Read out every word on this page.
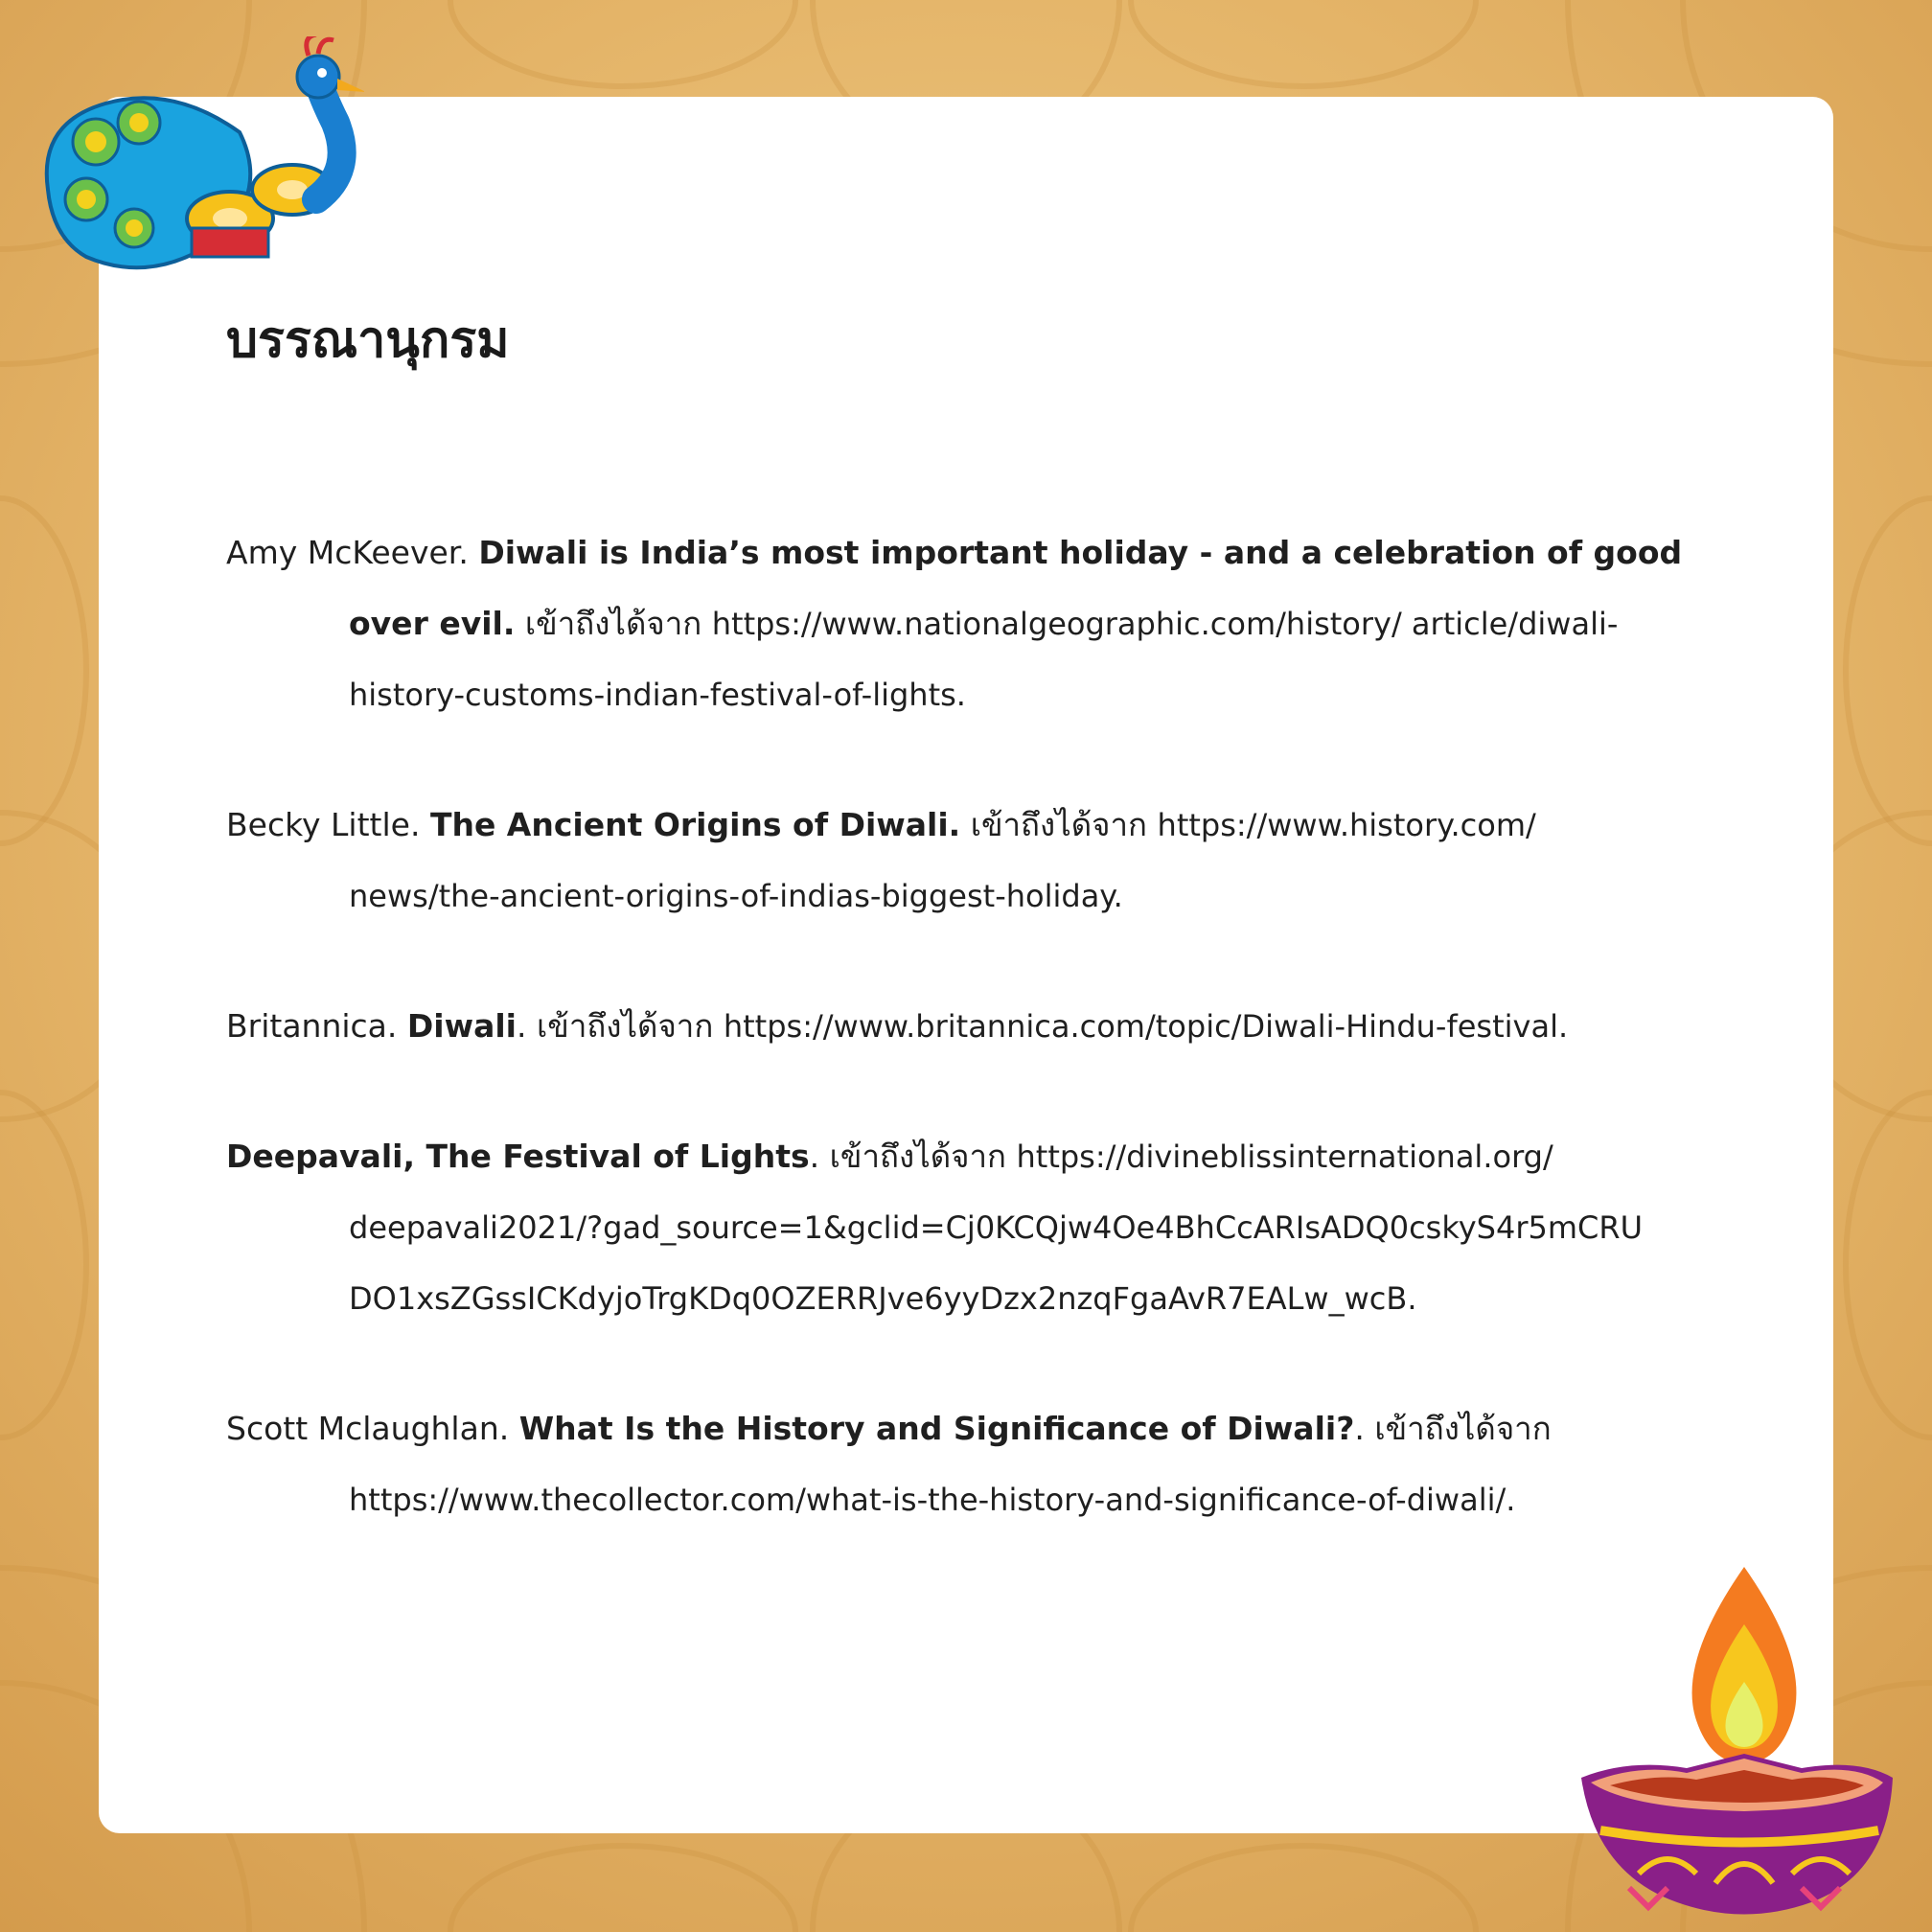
บรรณานุกรม

Amy McKeever. Diwali is India’s most important holiday - and a celebration of good over evil. เข้าถึงได้จาก https://www.nationalgeographic.com/history/ article/diwali-
history-customs-indian-festival-of-lights.

Becky Little. The Ancient Origins of Diwali. เข้าถึงได้จาก https://www.history.com/
news/the-ancient-origins-of-indias-biggest-holiday.

Britannica. Diwali. เข้าถึงได้จาก https://www.britannica.com/topic/Diwali-Hindu-festival.

Deepavali, The Festival of Lights. เข้าถึงได้จาก https://divineblissinternational.org/
deepavali2021/?gad_source=1&gclid=Cj0KCQjw4Oe4BhCcARIsADQ0cskyS4r5mCRU
DO1xsZGssICKdyjoTrgKDq0OZERRJve6yyDzx2nzqFgaAvR7EALw_wcB.

Scott Mclaughlan. What Is the History and Significance of Diwali?. เข้าถึงได้จาก
https://www.thecollector.com/what-is-the-history-and-significance-of-diwali/.
